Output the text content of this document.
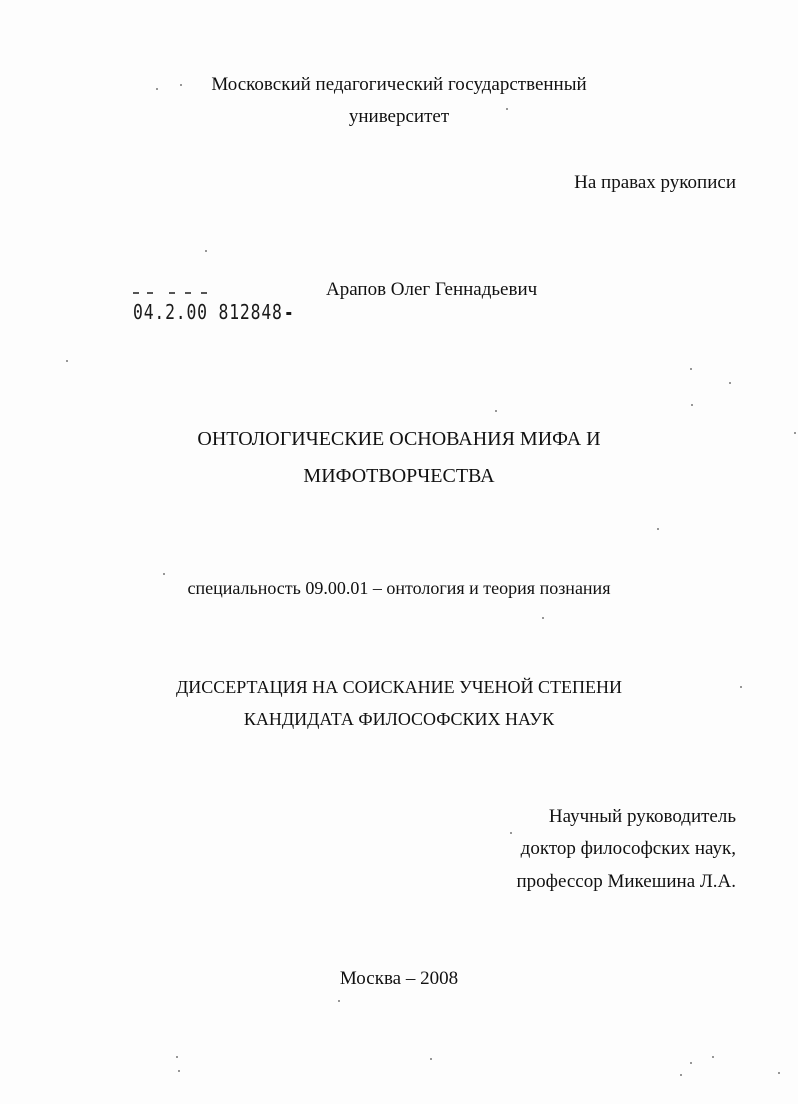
Московский педагогический государственный
университет
На правах рукописи
Арапов Олег Геннадьевич
04.2.00 812848
ОНТОЛОГИЧЕСКИЕ ОСНОВАНИЯ МИФА И
МИФОТВОРЧЕСТВА
специальность 09.00.01 – онтология и теория познания
ДИССЕРТАЦИЯ НА СОИСКАНИЕ УЧЕНОЙ СТЕПЕНИ
КАНДИДАТА ФИЛОСОФСКИХ НАУК
Научный руководитель
доктор философских наук,
профессор Микешина Л.А.
Москва – 2008
